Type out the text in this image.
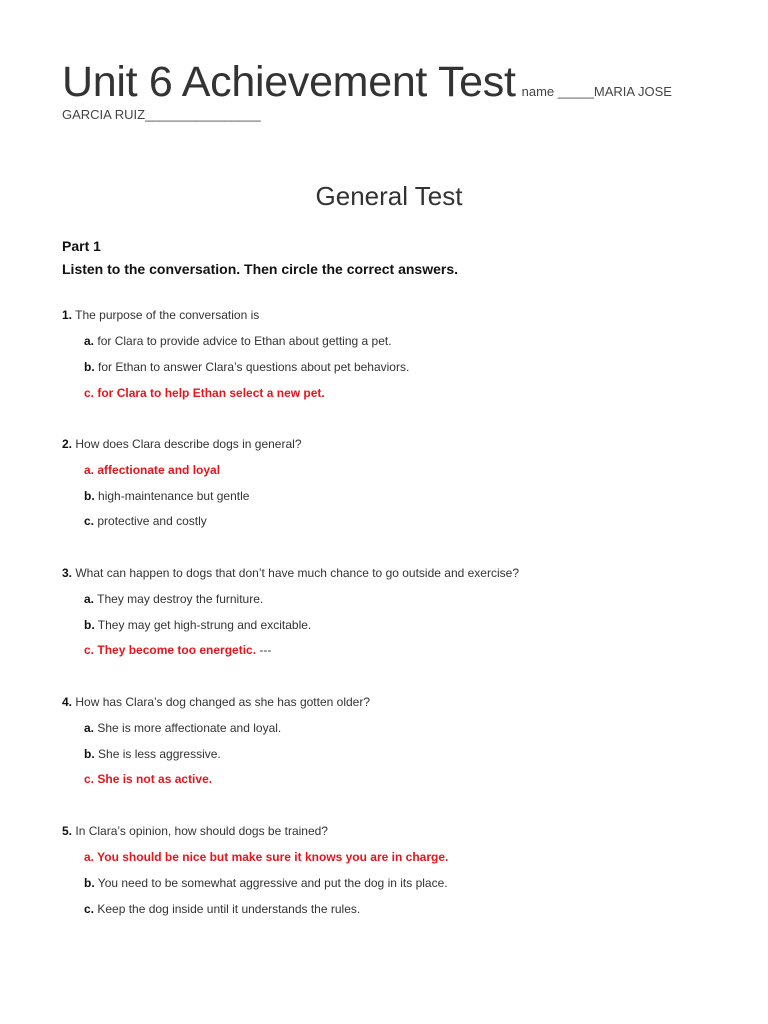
Unit 6 Achievement Test name _____MARIA JOSE
GARCIA RUIZ________________
General Test
Part 1
Listen to the conversation. Then circle the correct answers.
1. The purpose of the conversation is
a. for Clara to provide advice to Ethan about getting a pet.
b. for Ethan to answer Clara’s questions about pet behaviors.
c. for Clara to help Ethan select a new pet.
2. How does Clara describe dogs in general?
a. affectionate and loyal
b. high-maintenance but gentle
c. protective and costly
3. What can happen to dogs that don’t have much chance to go outside and exercise?
a. They may destroy the furniture.
b. They may get high-strung and excitable.
c. They become too energetic. ---
4. How has Clara’s dog changed as she has gotten older?
a. She is more affectionate and loyal.
b. She is less aggressive.
c. She is not as active.
5. In Clara’s opinion, how should dogs be trained?
a. You should be nice but make sure it knows you are in charge.
b. You need to be somewhat aggressive and put the dog in its place.
c. Keep the dog inside until it understands the rules.
